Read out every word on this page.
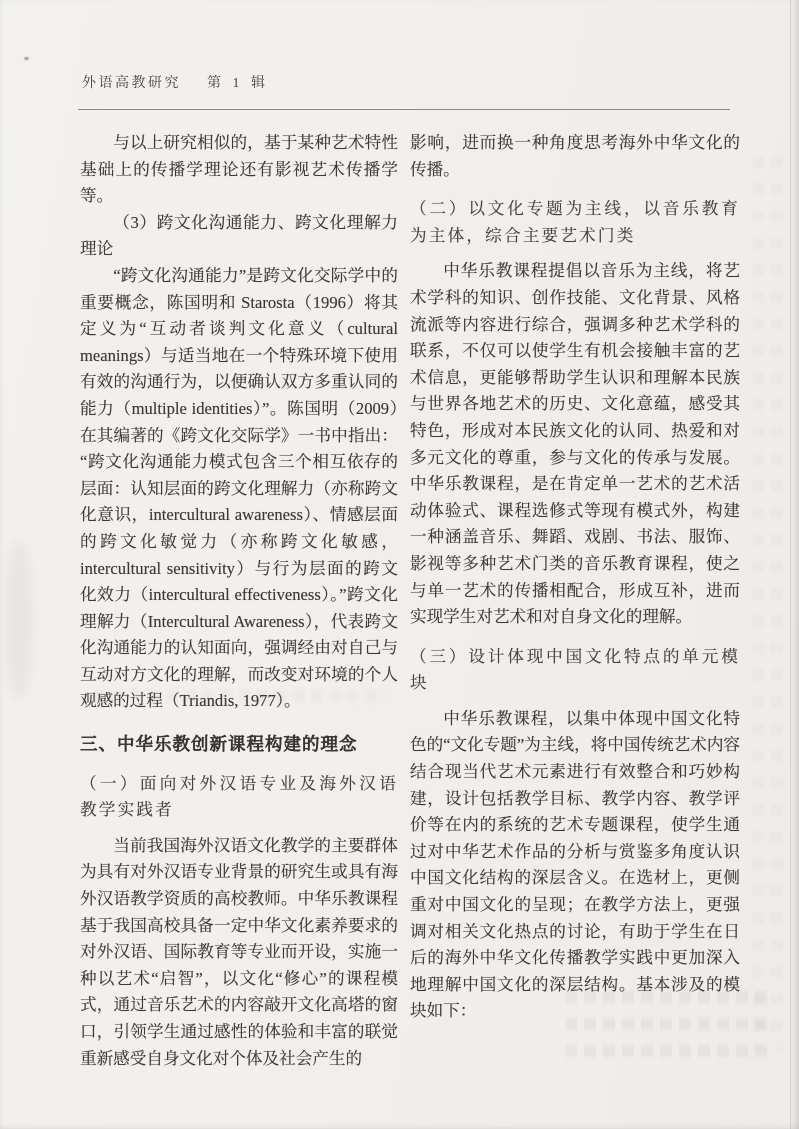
外语高教研究 第 1 辑

与以上研究相似的，基于某种艺术特性基础上的传播学理论还有影视艺术传播学等。

（3）跨文化沟通能力、跨文化理解力理论

“跨文化沟通能力”是跨文化交际学中的重要概念，陈国明和 Starosta（1996）将其定义为“互动者谈判文化意义（cultural meanings）与适当地在一个特殊环境下使用有效的沟通行为，以便确认双方多重认同的能力（multiple identities）”。陈国明（2009）在其编著的《跨文化交际学》一书中指出：“跨文化沟通能力模式包含三个相互依存的层面：认知层面的跨文化理解力（亦称跨文化意识，intercultural awareness）、情感层面的跨文化敏觉力（亦称跨文化敏感，intercultural sensitivity）与行为层面的跨文化效力（intercultural effectiveness）。”跨文化理解力（Intercultural Awareness），代表跨文化沟通能力的认知面向，强调经由对自己与互动对方文化的理解，而改变对环境的个人观感的过程（Triandis, 1977）。

三、中华乐教创新课程构建的理念

（一）面向对外汉语专业及海外汉语教学实践者

当前我国海外汉语文化教学的主要群体为具有对外汉语专业背景的研究生或具有海外汉语教学资质的高校教师。中华乐教课程基于我国高校具备一定中华文化素养要求的对外汉语、国际教育等专业而开设，实施一种以艺术“启智”，以文化“修心”的课程模式，通过音乐艺术的内容敲开文化高塔的窗口，引领学生通过感性的体验和丰富的联觉重新感受自身文化对个体及社会产生的

影响，进而换一种角度思考海外中华文化的传播。

（二）以文化专题为主线，以音乐教育为主体，综合主要艺术门类

中华乐教课程提倡以音乐为主线，将艺术学科的知识、创作技能、文化背景、风格流派等内容进行综合，强调多种艺术学科的联系，不仅可以使学生有机会接触丰富的艺术信息，更能够帮助学生认识和理解本民族与世界各地艺术的历史、文化意蕴，感受其特色，形成对本民族文化的认同、热爱和对多元文化的尊重，参与文化的传承与发展。中华乐教课程，是在肯定单一艺术的艺术活动体验式、课程选修式等现有模式外，构建一种涵盖音乐、舞蹈、戏剧、书法、服饰、影视等多种艺术门类的音乐教育课程，使之与单一艺术的传播相配合，形成互补，进而实现学生对艺术和对自身文化的理解。

（三）设计体现中国文化特点的单元模块

中华乐教课程，以集中体现中国文化特色的“文化专题”为主线，将中国传统艺术内容结合现当代艺术元素进行有效整合和巧妙构建，设计包括教学目标、教学内容、教学评价等在内的系统的艺术专题课程，使学生通过对中华艺术作品的分析与赏鉴多角度认识中国文化结构的深层含义。在选材上，更侧重对中国文化的呈现；在教学方法上，更强调对相关文化热点的讨论，有助于学生在日后的海外中华文化传播教学实践中更加深入地理解中国文化的深层结构。基本涉及的模块如下：
